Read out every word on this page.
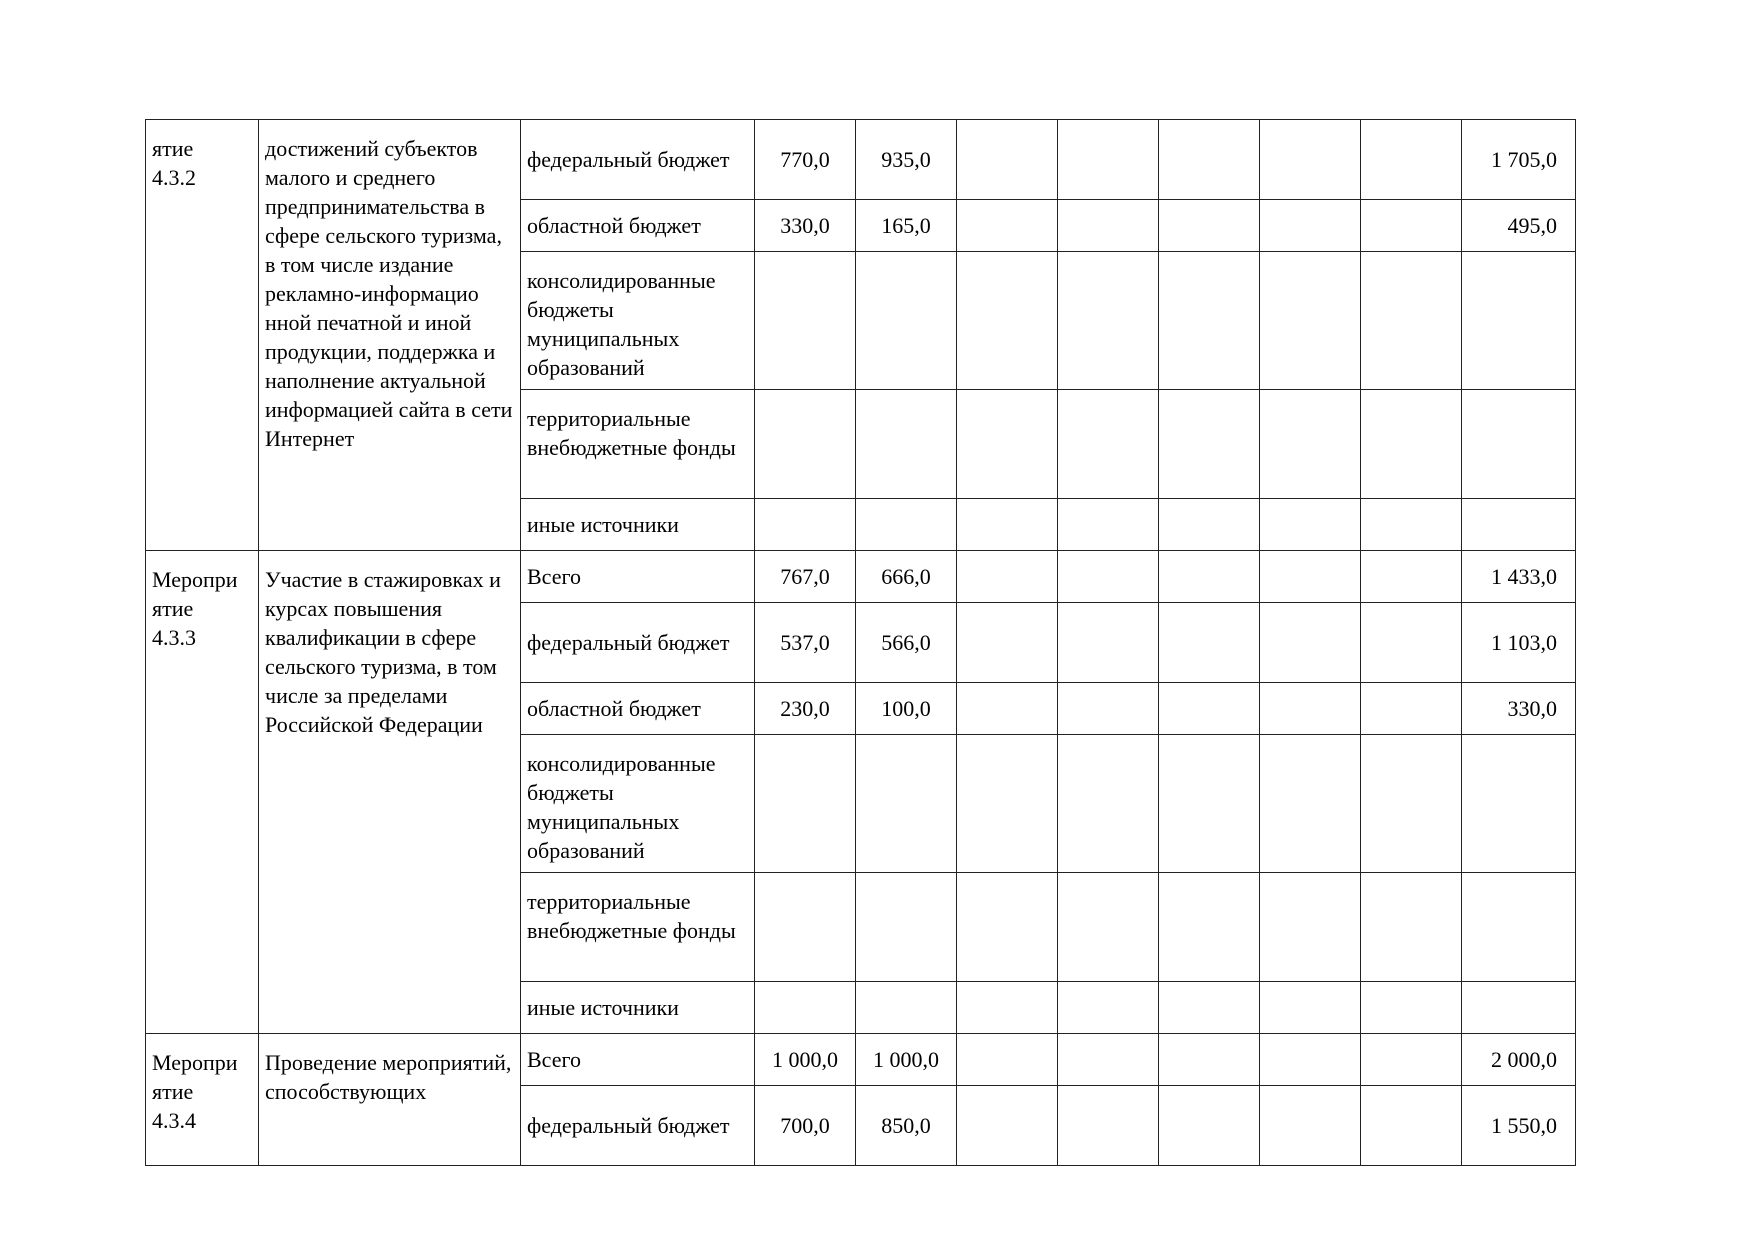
ятие
4.3.2	достижений субъектов малого и среднего предпринимательства в сфере сельского туризма, в том числе издание рекламно-информацио нной печатной и иной продукции, поддержка и наполнение актуальной информацией сайта в сети Интернет	федеральный бюджет	770,0	935,0						1 705,0
		областной бюджет	330,0	165,0						495,0
		консолидированные бюджеты муниципальных образований								
		территориальные внебюджетные фонды								
		иные источники								
Меропри ятие
4.3.3	Участие в стажировках и курсах повышения квалификации в сфере сельского туризма, в том числе за пределами Российской Федерации	Всего	767,0	666,0						1 433,0
		федеральный бюджет	537,0	566,0						1 103,0
		областной бюджет	230,0	100,0						330,0
		консолидированные бюджеты муниципальных образований								
		территориальные внебюджетные фонды								
		иные источники								
Меропри ятие
4.3.4	Проведение мероприятий, способствующих	Всего	1 000,0	1 000,0						2 000,0
		федеральный бюджет	700,0	850,0						1 550,0
